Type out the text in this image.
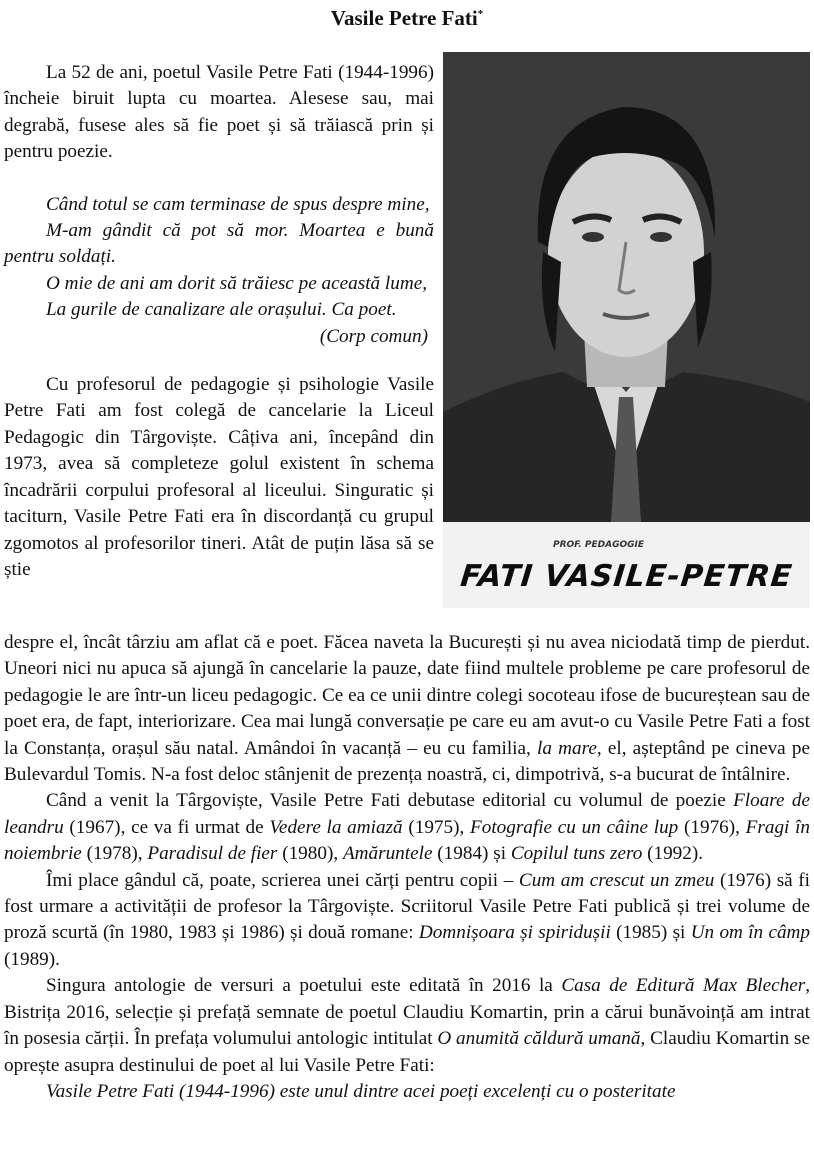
Vasile Petre Fati*

La 52 de ani, poetul Vasile Petre Fati (1944-1996) încheie biruit lupta cu moartea. Alesese sau, mai degrabă, fusese ales să fie poet și să trăiască prin și pentru poezie.

Când totul se cam terminase de spus despre mine,

M-am gândit că pot să mor. Moartea e bună pentru soldați.

O mie de ani am dorit să trăiesc pe această lume,

La gurile de canalizare ale orașului. Ca poet.

(Corp comun)

Cu profesorul de pedagogie și psihologie Vasile Petre Fati am fost colegă de cancelarie la Liceul Pedagogic din Târgoviște. Câțiva ani, începând din 1973, avea să completeze golul existent în schema încadrării corpului profesoral al liceului. Singuratic și taciturn, Vasile Petre Fati era în discordanță cu grupul zgomotos al profesorilor tineri. Atât de puțin lăsa să se știe

PROF. PEDAGOGIE
FATI VASILE-PETRE

despre el, încât târziu am aflat că e poet. Făcea naveta la București și nu avea niciodată timp de pierdut. Uneori nici nu apuca să ajungă în cancelarie la pauze, date fiind multele probleme pe care profesorul de pedagogie le are într-un liceu pedagogic. Ce ea ce unii dintre colegi socoteau ifose de bucureștean sau de poet era, de fapt, interiorizare. Cea mai lungă conversație pe care eu am avut-o cu Vasile Petre Fati a fost la Constanța, orașul său natal. Amândoi în vacanță – eu cu familia, la mare, el, așteptând pe cineva pe Bulevardul Tomis. N-a fost deloc stânjenit de prezența noastră, ci, dimpotrivă, s-a bucurat de întâlnire.

Când a venit la Târgoviște, Vasile Petre Fati debutase editorial cu volumul de poezie Floare de leandru (1967), ce va fi urmat de Vedere la amiază (1975), Fotografie cu un câine lup (1976), Fragi în noiembrie (1978), Paradisul de fier (1980), Amăruntele (1984) și Copilul tuns zero (1992).

Îmi place gândul că, poate, scrierea unei cărți pentru copii – Cum am crescut un zmeu (1976) să fi fost urmare a activității de profesor la Târgoviște. Scriitorul Vasile Petre Fati publică și trei volume de proză scurtă (în 1980, 1983 și 1986) și două romane: Domnișoara și spiridușii (1985) și Un om în câmp (1989).

Singura antologie de versuri a poetului este editată în 2016 la Casa de Editură Max Blecher, Bistrița 2016, selecție și prefață semnate de poetul Claudiu Komartin, prin a cărui bunăvoință am intrat în posesia cărții. În prefața volumului antologic intitulat O anumită căldură umană, Claudiu Komartin se oprește asupra destinului de poet al lui Vasile Petre Fati:

Vasile Petre Fati (1944-1996) este unul dintre acei poeți excelenți cu o posteritate
